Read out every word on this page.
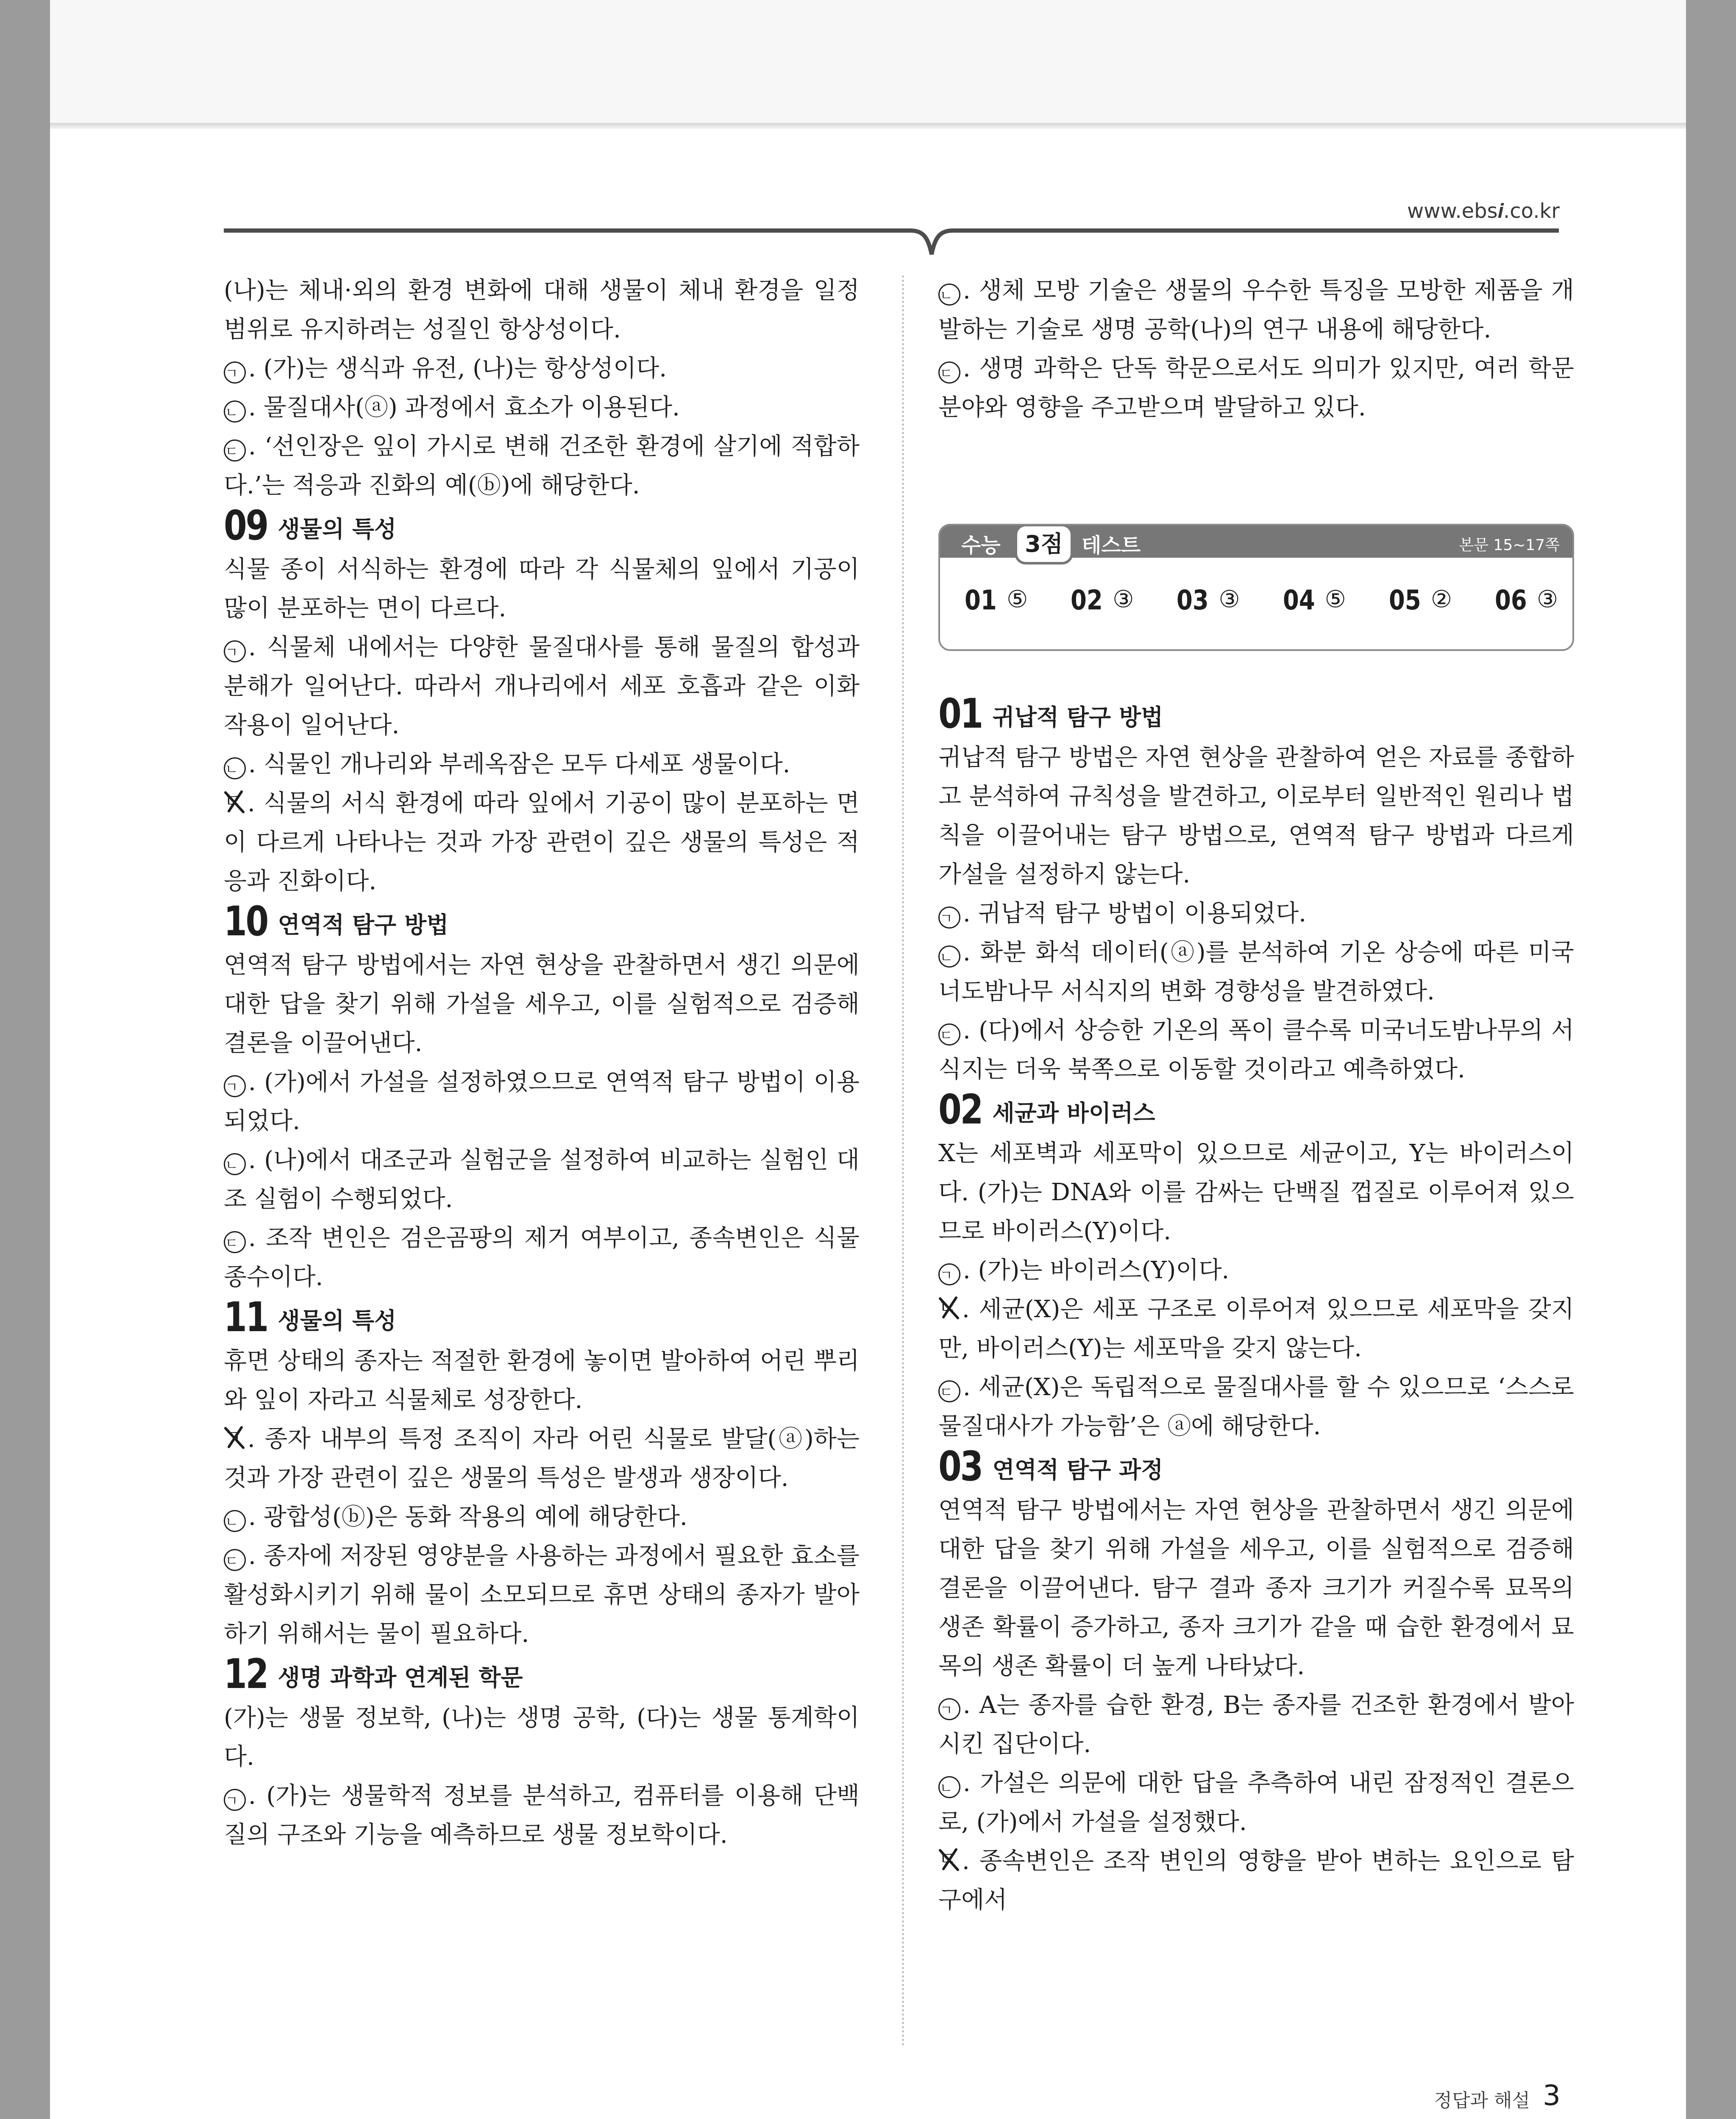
www.ebs𝒊.co.kr

(나)는 체내·외의 환경 변화에 대해 생물이 체내 환경을 일정 범위로 유지하려는 성질인 항상성이다.

ㄱ . (가)는 생식과 유전, (나)는 항상성이다.
ㄴ . 물질대사(ⓐ) 과정에서 효소가 이용된다.
ㄷ . ‘선인장은 잎이 가시로 변해 건조한 환경에 살기에 적합하다.’는 적응과 진화의 예(ⓑ)에 해당한다.
09 생물의 특성

식물 종이 서식하는 환경에 따라 각 식물체의 잎에서 기공이 많이 분포하는 면이 다르다.

ㄱ . 식물체 내에서는 다양한 물질대사를 통해 물질의 합성과 분해가 일어난다. 따라서 개나리에서 세포 호흡과 같은 이화 작용이 일어난다.
ㄴ . 식물인 개나리와 부레옥잠은 모두 다세포 생물이다.
ㄷ . 식물의 서식 환경에 따라 잎에서 기공이 많이 분포하는 면이 다르게 나타나는 것과 가장 관련이 깊은 생물의 특성은 적응과 진화이다.
10 연역적 탐구 방법

연역적 탐구 방법에서는 자연 현상을 관찰하면서 생긴 의문에 대한 답을 찾기 위해 가설을 세우고, 이를 실험적으로 검증해 결론을 이끌어낸다.

ㄱ . (가)에서 가설을 설정하였으므로 연역적 탐구 방법이 이용되었다.
ㄴ . (나)에서 대조군과 실험군을 설정하여 비교하는 실험인 대조 실험이 수행되었다.
ㄷ . 조작 변인은 검은곰팡의 제거 여부이고, 종속변인은 식물 종수이다.
11 생물의 특성

휴면 상태의 종자는 적절한 환경에 놓이면 발아하여 어린 뿌리와 잎이 자라고 식물체로 성장한다.

ㄱ . 종자 내부의 특정 조직이 자라 어린 식물로 발달(ⓐ)하는 것과 가장 관련이 깊은 생물의 특성은 발생과 생장이다.
ㄴ . 광합성(ⓑ)은 동화 작용의 예에 해당한다.
ㄷ . 종자에 저장된 영양분을 사용하는 과정에서 필요한 효소를 활성화시키기 위해 물이 소모되므로 휴면 상태의 종자가 발아하기 위해서는 물이 필요하다.
12 생명 과학과 연계된 학문

(가)는 생물 정보학, (나)는 생명 공학, (다)는 생물 통계학이다.

ㄱ . (가)는 생물학적 정보를 분석하고, 컴퓨터를 이용해 단백질의 구조와 기능을 예측하므로 생물 정보학이다.
ㄴ . 생체 모방 기술은 생물의 우수한 특징을 모방한 제품을 개발하는 기술로 생명 공학(나)의 연구 내용에 해당한다.
ㄷ . 생명 과학은 단독 학문으로서도 의미가 있지만, 여러 학문 분야와 영향을 주고받으며 발달하고 있다.
수능	3점 테스트	본문 15~17쪽
01 ⑤ 02 ③ 03 ③ 04 ⑤ 05 ② 06 ③
01 귀납적 탐구 방법

귀납적 탐구 방법은 자연 현상을 관찰하여 얻은 자료를 종합하고 분석하여 규칙성을 발견하고, 이로부터 일반적인 원리나 법칙을 이끌어내는 탐구 방법으로, 연역적 탐구 방법과 다르게 가설을 설정하지 않는다.

ㄱ . 귀납적 탐구 방법이 이용되었다.
ㄴ . 화분 화석 데이터(ⓐ)를 분석하여 기온 상승에 따른 미국너도밤나무 서식지의 변화 경향성을 발견하였다.
ㄷ . (다)에서 상승한 기온의 폭이 클수록 미국너도밤나무의 서식지는 더욱 북쪽으로 이동할 것이라고 예측하였다.
02 세균과 바이러스

X는 세포벽과 세포막이 있으므로 세균이고, Y는 바이러스이다. (가)는 DNA와 이를 감싸는 단백질 껍질로 이루어져 있으므로 바이러스(Y)이다.

ㄱ . (가)는 바이러스(Y)이다.
ㄴ . 세균(X)은 세포 구조로 이루어져 있으므로 세포막을 갖지만, 바이러스(Y)는 세포막을 갖지 않는다.
ㄷ . 세균(X)은 독립적으로 물질대사를 할 수 있으므로 ‘스스로 물질대사가 가능함’은 ⓐ에 해당한다.
03 연역적 탐구 과정

연역적 탐구 방법에서는 자연 현상을 관찰하면서 생긴 의문에 대한 답을 찾기 위해 가설을 세우고, 이를 실험적으로 검증해 결론을 이끌어낸다. 탐구 결과 종자 크기가 커질수록 묘목의 생존 확률이 증가하고, 종자 크기가 같을 때 습한 환경에서 묘목의 생존 확률이 더 높게 나타났다.

ㄱ . A는 종자를 습한 환경, B는 종자를 건조한 환경에서 발아시킨 집단이다.
ㄴ . 가설은 의문에 대한 답을 추측하여 내린 잠정적인 결론으로, (가)에서 가설을 설정했다.
ㄷ . 종속변인은 조작 변인의 영향을 받아 변하는 요인으로 탐구에서
정답과 해설 3
